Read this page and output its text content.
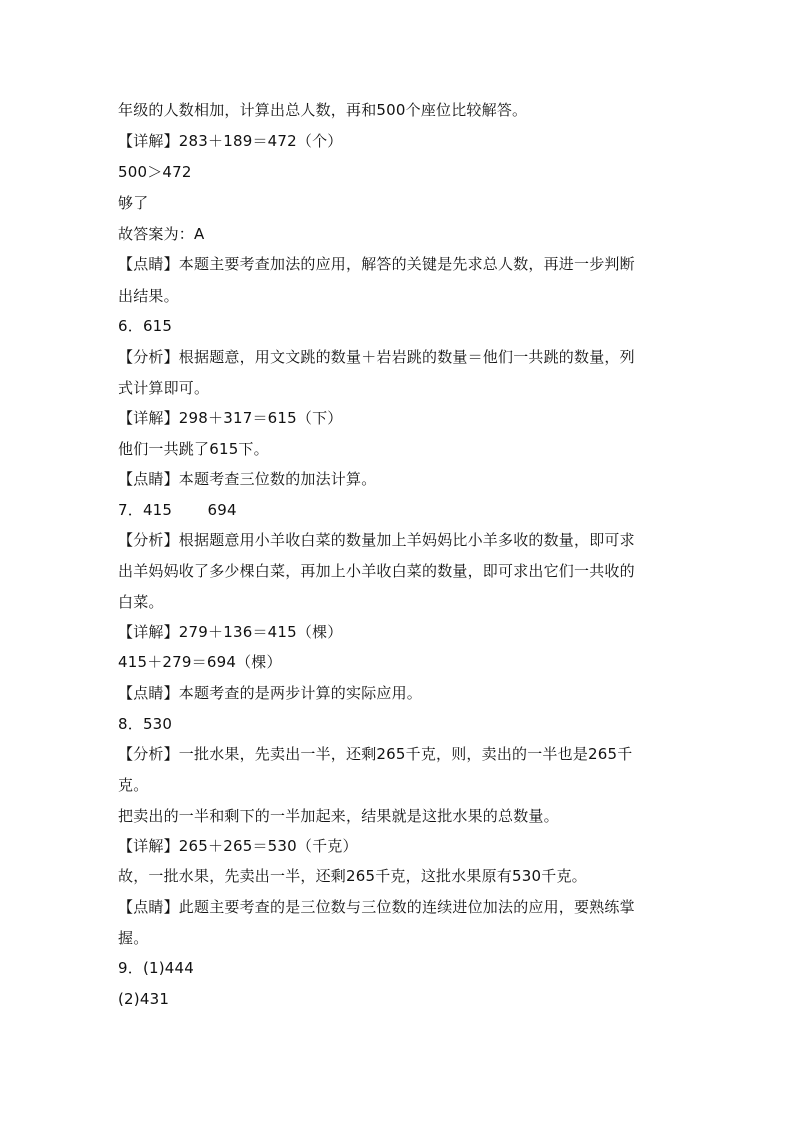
年级的人数相加，计算出总人数，再和500个座位比较解答。
【详解】283＋189＝472（个）
500＞472
够了
故答案为：A
【点睛】本题主要考查加法的应用，解答的关键是先求总人数，再进一步判断
出结果。
6．615
【分析】根据题意，用文文跳的数量＋岩岩跳的数量＝他们一共跳的数量，列
式计算即可。
【详解】298＋317＝615（下）
他们一共跳了615下。
【点睛】本题考查三位数的加法计算。
7．415　　 694
【分析】根据题意用小羊收白菜的数量加上羊妈妈比小羊多收的数量，即可求
出羊妈妈收了多少棵白菜，再加上小羊收白菜的数量，即可求出它们一共收的
白菜。
【详解】279＋136＝415（棵）
415＋279＝694（棵）
【点睛】本题考查的是两步计算的实际应用。
8．530
【分析】一批水果，先卖出一半，还剩265千克，则，卖出的一半也是265千
克。
把卖出的一半和剩下的一半加起来，结果就是这批水果的总数量。
【详解】265＋265＝530（千克）
故，一批水果，先卖出一半，还剩265千克，这批水果原有530千克。
【点睛】此题主要考查的是三位数与三位数的连续进位加法的应用，要熟练掌
握。
9．(1)444
(2)431
